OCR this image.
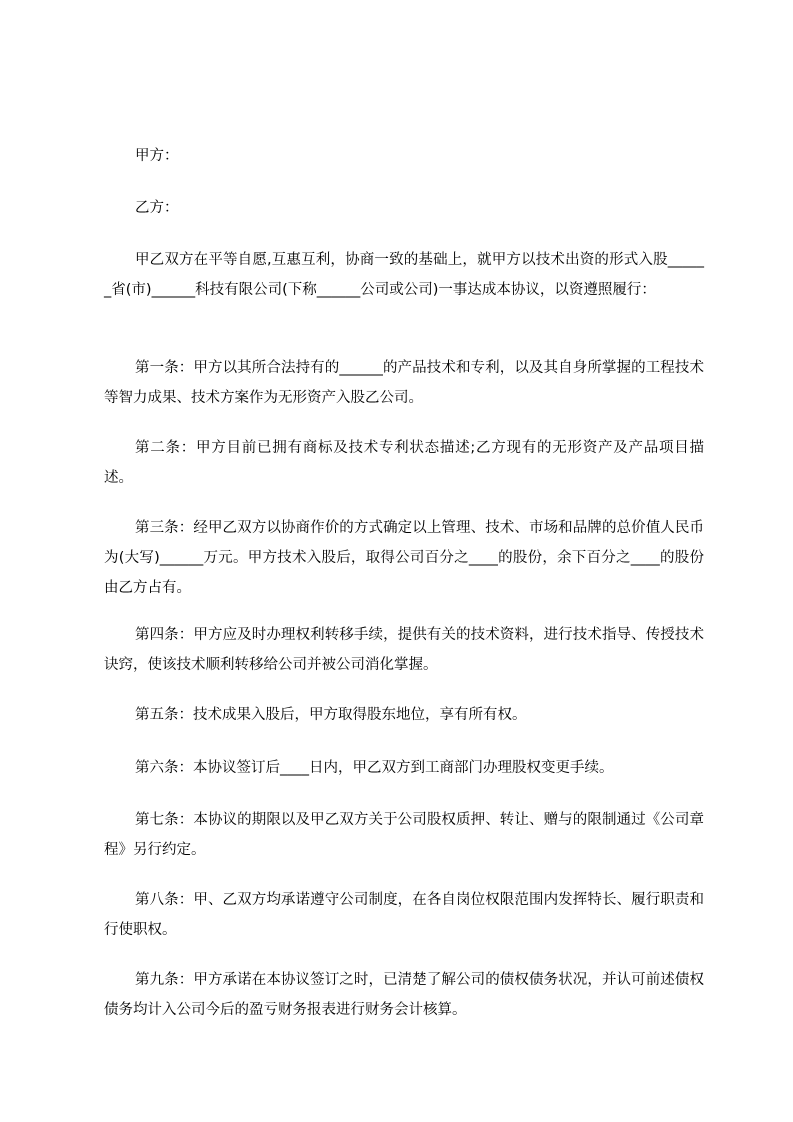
甲方：

乙方：

甲乙双方在平等自愿,互惠互利，协商一致的基础上，就甲方以技术出资的形式入股______省(市)______科技有限公司(下称______公司或公司)一事达成本协议，以资遵照履行：

第一条：甲方以其所合法持有的______的产品技术和专利，以及其自身所掌握的工程技术等智力成果、技术方案作为无形资产入股乙公司。

第二条：甲方目前已拥有商标及技术专利状态描述;乙方现有的无形资产及产品项目描述。

第三条：经甲乙双方以协商作价的方式确定以上管理、技术、市场和品牌的总价值人民币为(大写)______万元。甲方技术入股后，取得公司百分之____的股份，余下百分之____的股份由乙方占有。

第四条：甲方应及时办理权利转移手续，提供有关的技术资料，进行技术指导、传授技术诀窍，使该技术顺利转移给公司并被公司消化掌握。

第五条：技术成果入股后，甲方取得股东地位，享有所有权。

第六条：本协议签订后____日内，甲乙双方到工商部门办理股权变更手续。

第七条：本协议的期限以及甲乙双方关于公司股权质押、转让、赠与的限制通过《公司章程》另行约定。

第八条：甲、乙双方均承诺遵守公司制度，在各自岗位权限范围内发挥特长、履行职责和行使职权。

第九条：甲方承诺在本协议签订之时，已清楚了解公司的债权债务状况，并认可前述债权债务均计入公司今后的盈亏财务报表进行财务会计核算。
